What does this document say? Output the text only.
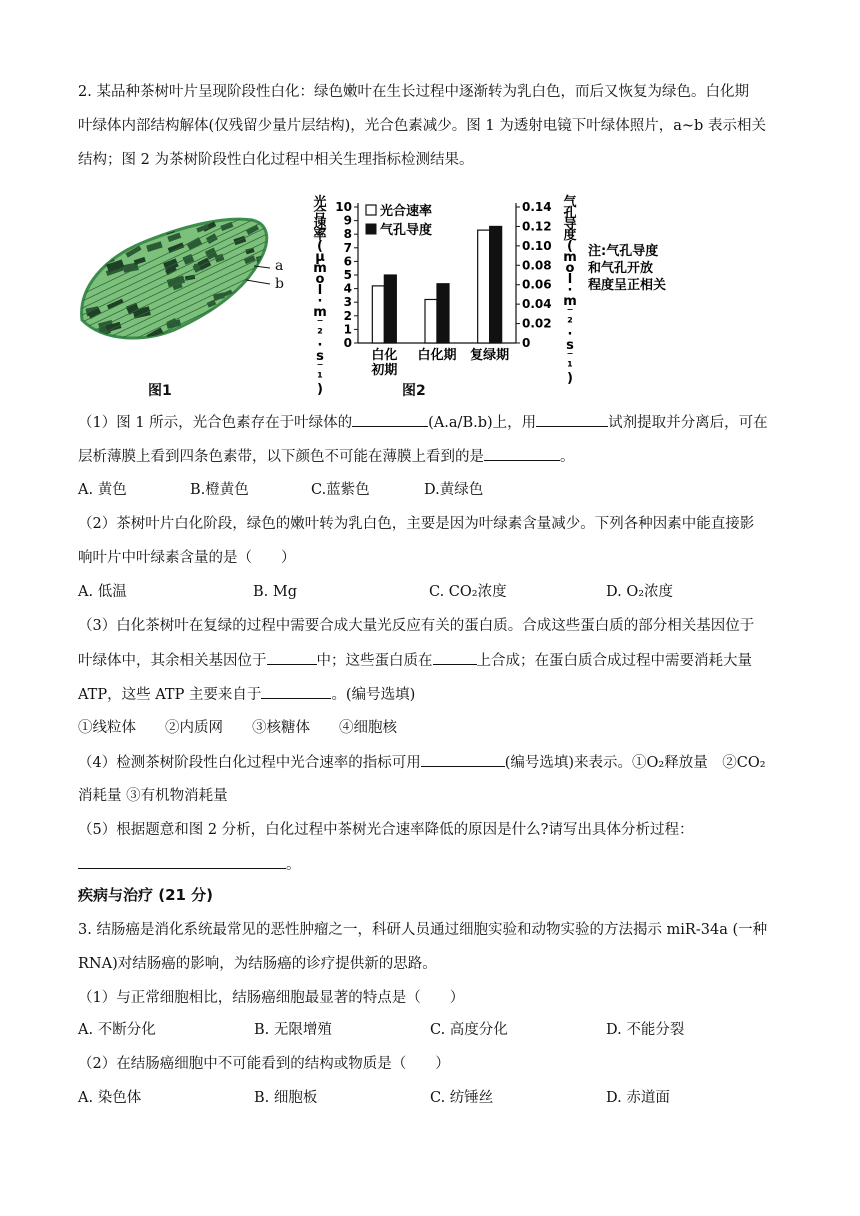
2. 某品种茶树叶片呈现阶段性白化：绿色嫩叶在生长过程中逐渐转为乳白色，而后又恢复为绿色。白化期
叶绿体内部结构解体(仅残留少量片层结构)，光合色素减少。图 1 为透射电镜下叶绿体照片，a~b 表示相关
结构；图 2 为茶树阶段性白化过程中相关生理指标检测结果。
a
b
图1
0
1
2
3
4
5
6
7
8
9
10
0
0.02
0.04
0.06
0.08
0.10
0.12
0.14
光合速率( μ m o l · m ⁻ ² · s ⁻ ¹ )
气孔导度( m o l · m ⁻ ² · s ⁻ ¹ )
白化
初期
白化期 复绿期
光合速率
气孔导度
注:气孔导度
和气孔开放
程度呈正相关
图2
（1）图 1 所示，光合色素存在于叶绿体的	(A.a/B.b)上，用	试剂提取并分离后，可在
层析薄膜上看到四条色素带，以下颜色不可能在薄膜上看到的是	。
A. 黄色	B.橙黄色	C.蓝紫色	D.黄绿色
（2）茶树叶片白化阶段，绿色的嫩叶转为乳白色，主要是因为叶绿素含量减少。下列各种因素中能直接影
响叶片中叶绿素含量的是（　　）
A. 低温	B. Mg	C. CO₂浓度	D. O₂浓度
（3）白化茶树叶在复绿的过程中需要合成大量光反应有关的蛋白质。合成这些蛋白质的部分相关基因位于
叶绿体中，其余相关基因位于	中；这些蛋白质在	上合成；在蛋白质合成过程中需要消耗大量
ATP，这些 ATP 主要来自于	。(编号选填)
①线粒体　　②内质网　　③核糖体　　④细胞核
（4）检测茶树阶段性白化过程中光合速率的指标可用	(编号选填)来表示。①O₂释放量　②CO₂
消耗量 ③有机物消耗量
（5）根据题意和图 2 分析，白化过程中茶树光合速率降低的原因是什么?请写出具体分析过程：
。
疾病与治疗 (21 分)
3. 结肠癌是消化系统最常见的恶性肿瘤之一，科研人员通过细胞实验和动物实验的方法揭示 miR-34a (一种
RNA)对结肠癌的影响，为结肠癌的诊疗提供新的思路。
（1）与正常细胞相比，结肠癌细胞最显著的特点是（　　）
A. 不断分化	B. 无限增殖	C. 高度分化	D. 不能分裂
（2）在结肠癌细胞中不可能看到的结构或物质是（　　）
A. 染色体	B. 细胞板	C. 纺锤丝	D. 赤道面
